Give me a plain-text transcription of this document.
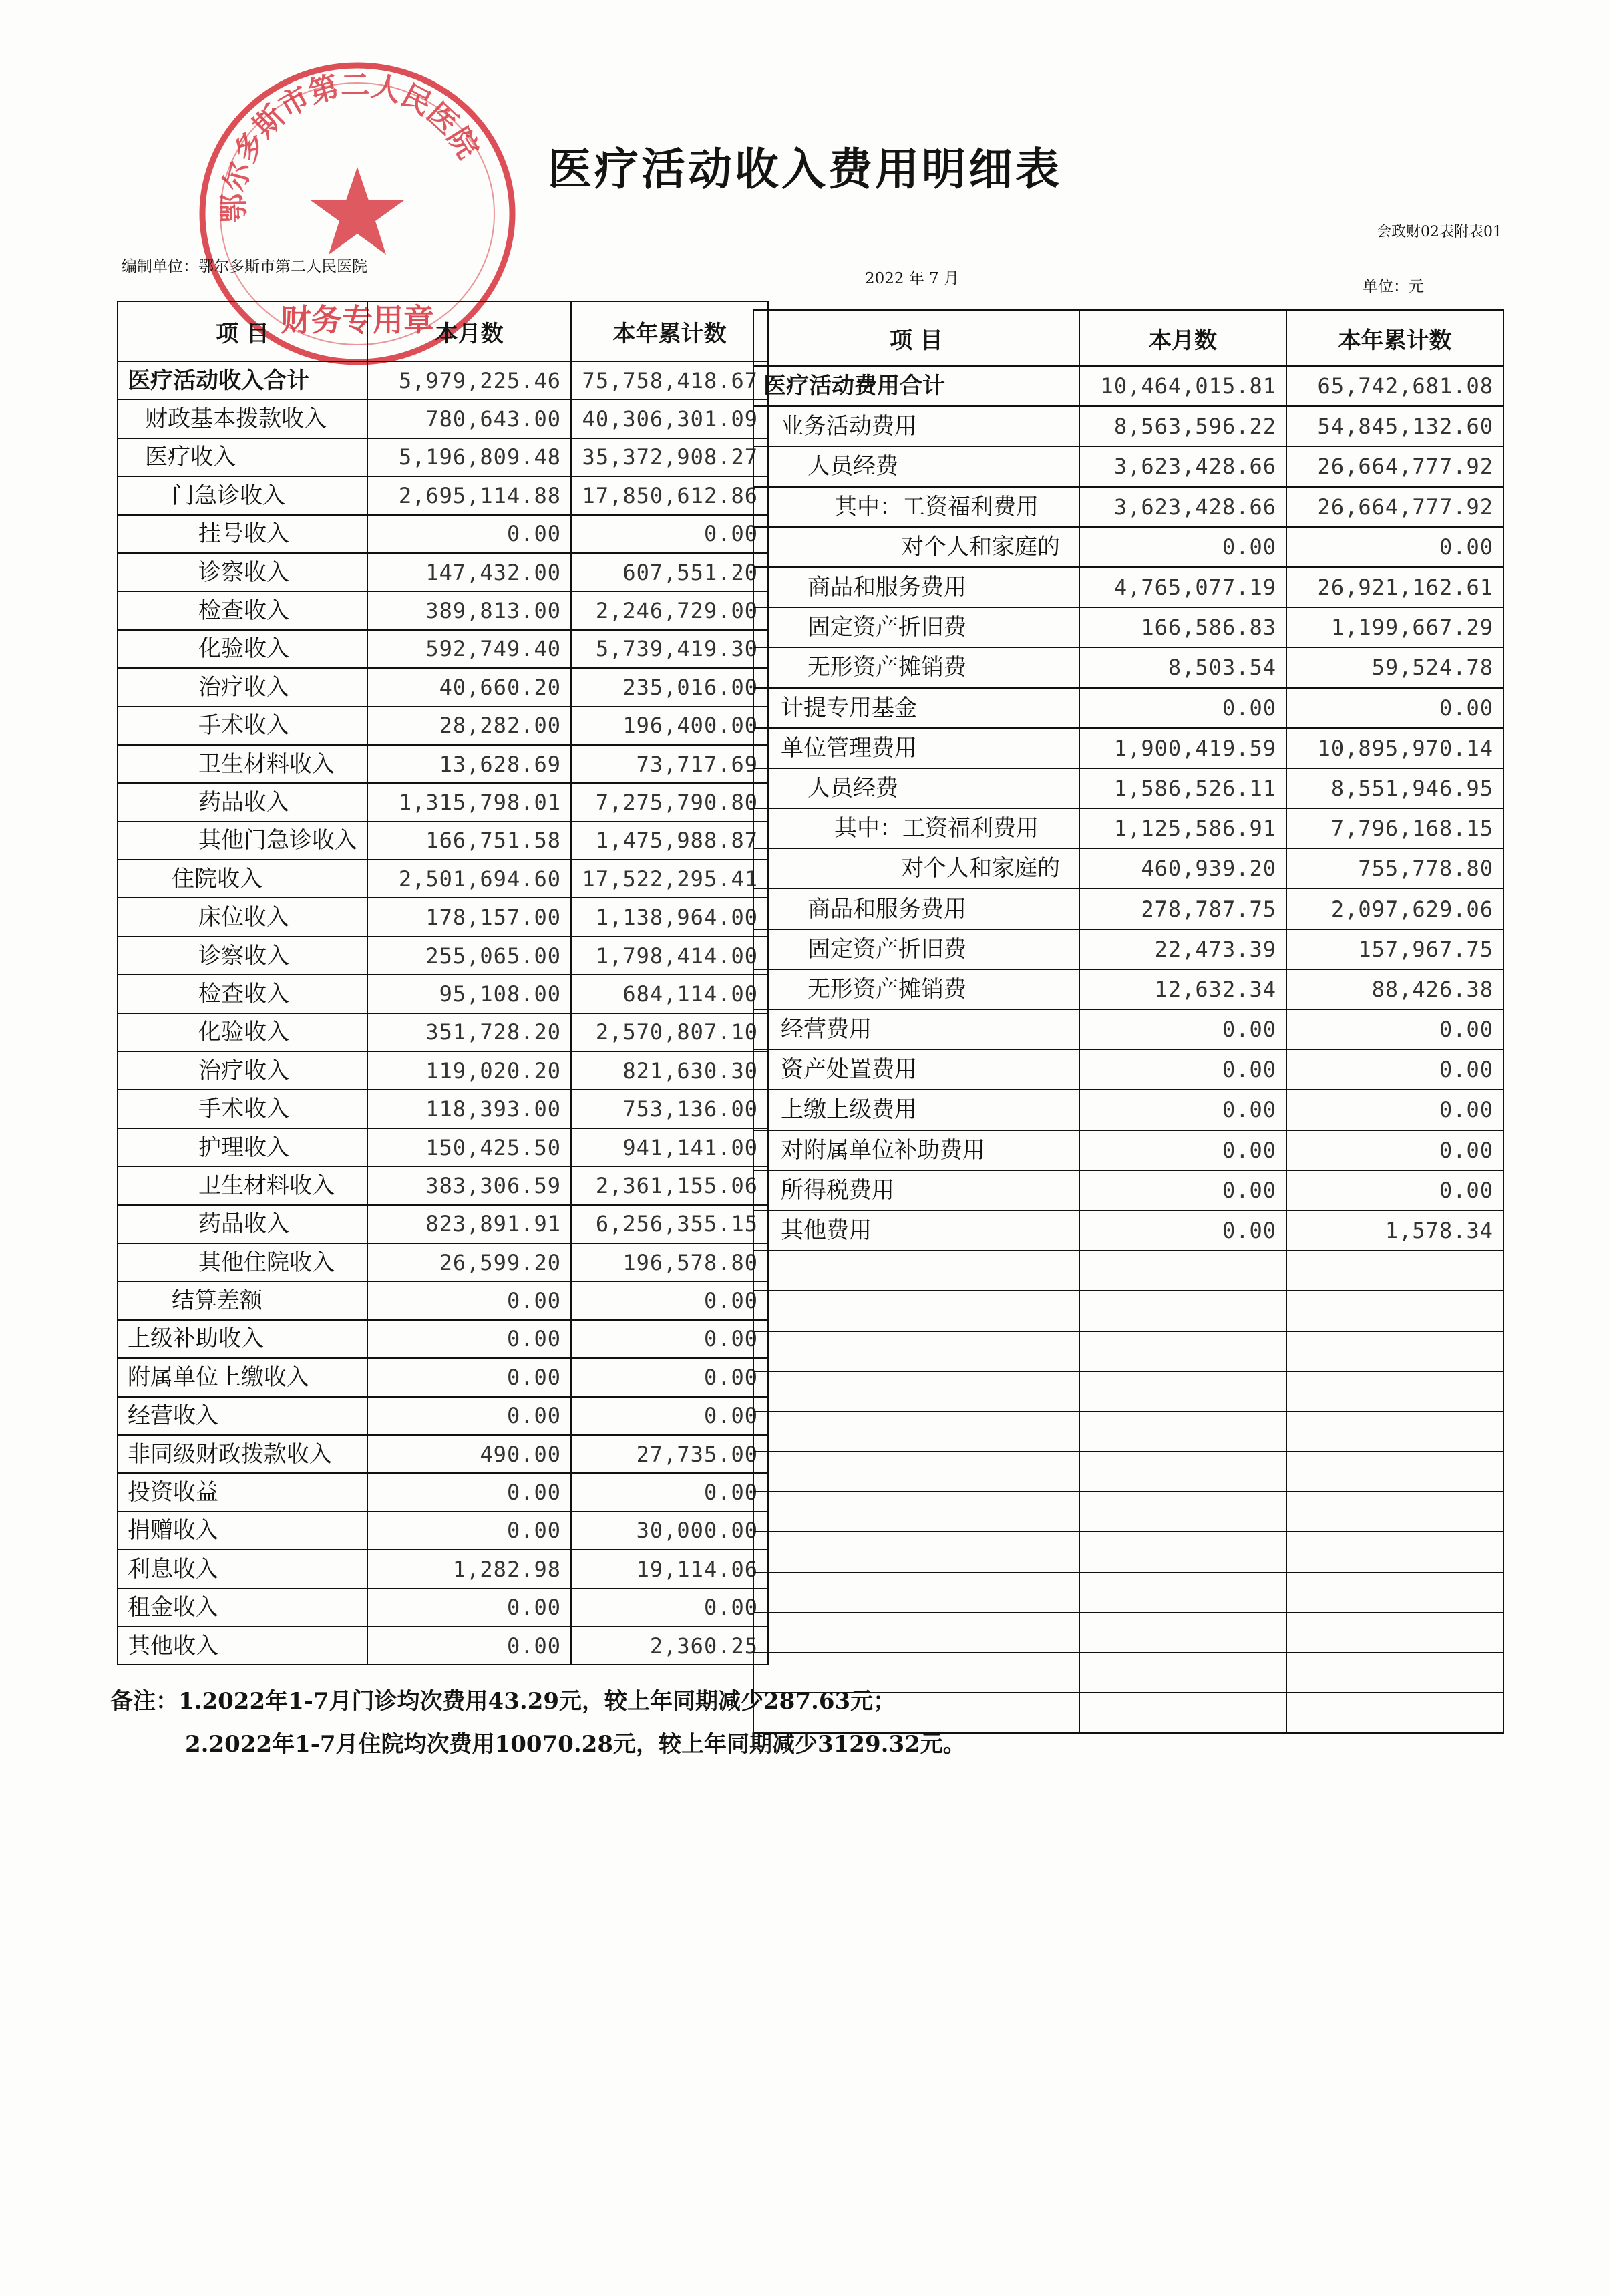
财务专用章
鄂尔多斯市第二人民医院 医疗活动收入费用明细表
会政财02表附表01
编制单位：鄂尔多斯市第二人民医院
2022 年 7 月	单位：元
项 目	本月数	本年累计数
医疗活动收入合计	5,979,225.46	75,758,418.67
财政基本拨款收入	780,643.00	40,306,301.09
医疗收入	5,196,809.48	35,372,908.27
门急诊收入	2,695,114.88	17,850,612.86
挂号收入	0.00	0.00
诊察收入	147,432.00	607,551.20
检查收入	389,813.00	2,246,729.00
化验收入	592,749.40	5,739,419.30
治疗收入	40,660.20	235,016.00
手术收入	28,282.00	196,400.00
卫生材料收入	13,628.69	73,717.69
药品收入	1,315,798.01	7,275,790.80
其他门急诊收入	166,751.58	1,475,988.87
住院收入	2,501,694.60	17,522,295.41
床位收入	178,157.00	1,138,964.00
诊察收入	255,065.00	1,798,414.00
检查收入	95,108.00	684,114.00
化验收入	351,728.20	2,570,807.10
治疗收入	119,020.20	821,630.30
手术收入	118,393.00	753,136.00
护理收入	150,425.50	941,141.00
卫生材料收入	383,306.59	2,361,155.06
药品收入	823,891.91	6,256,355.15
其他住院收入	26,599.20	196,578.80
结算差额	0.00	0.00
上级补助收入	0.00	0.00
附属单位上缴收入	0.00	0.00
经营收入	0.00	0.00
非同级财政拨款收入	490.00	27,735.00
投资收益	0.00	0.00
捐赠收入	0.00	30,000.00
利息收入	1,282.98	19,114.06
租金收入	0.00	0.00
其他收入	0.00	2,360.25
项 目	本月数	本年累计数
医疗活动费用合计	10,464,015.81	65,742,681.08
业务活动费用	8,563,596.22	54,845,132.60
人员经费	3,623,428.66	26,664,777.92
其中：工资福利费用	3,623,428.66	26,664,777.92
对个人和家庭的	0.00	0.00
商品和服务费用	4,765,077.19	26,921,162.61
固定资产折旧费	166,586.83	1,199,667.29
无形资产摊销费	8,503.54	59,524.78
计提专用基金	0.00	0.00
单位管理费用	1,900,419.59	10,895,970.14
人员经费	1,586,526.11	8,551,946.95
其中：工资福利费用	1,125,586.91	7,796,168.15
对个人和家庭的	460,939.20	755,778.80
商品和服务费用	278,787.75	2,097,629.06
固定资产折旧费	22,473.39	157,967.75
无形资产摊销费	12,632.34	88,426.38
经营费用	0.00	0.00
资产处置费用	0.00	0.00
上缴上级费用	0.00	0.00
对附属单位补助费用	0.00	0.00
所得税费用	0.00	0.00
其他费用	0.00	1,578.34

备注：1.2022年1-7月门诊均次费用43.29元，较上年同期减少287.63元；
2.2022年1-7月住院均次费用10070.28元，较上年同期减少3129.32元。
